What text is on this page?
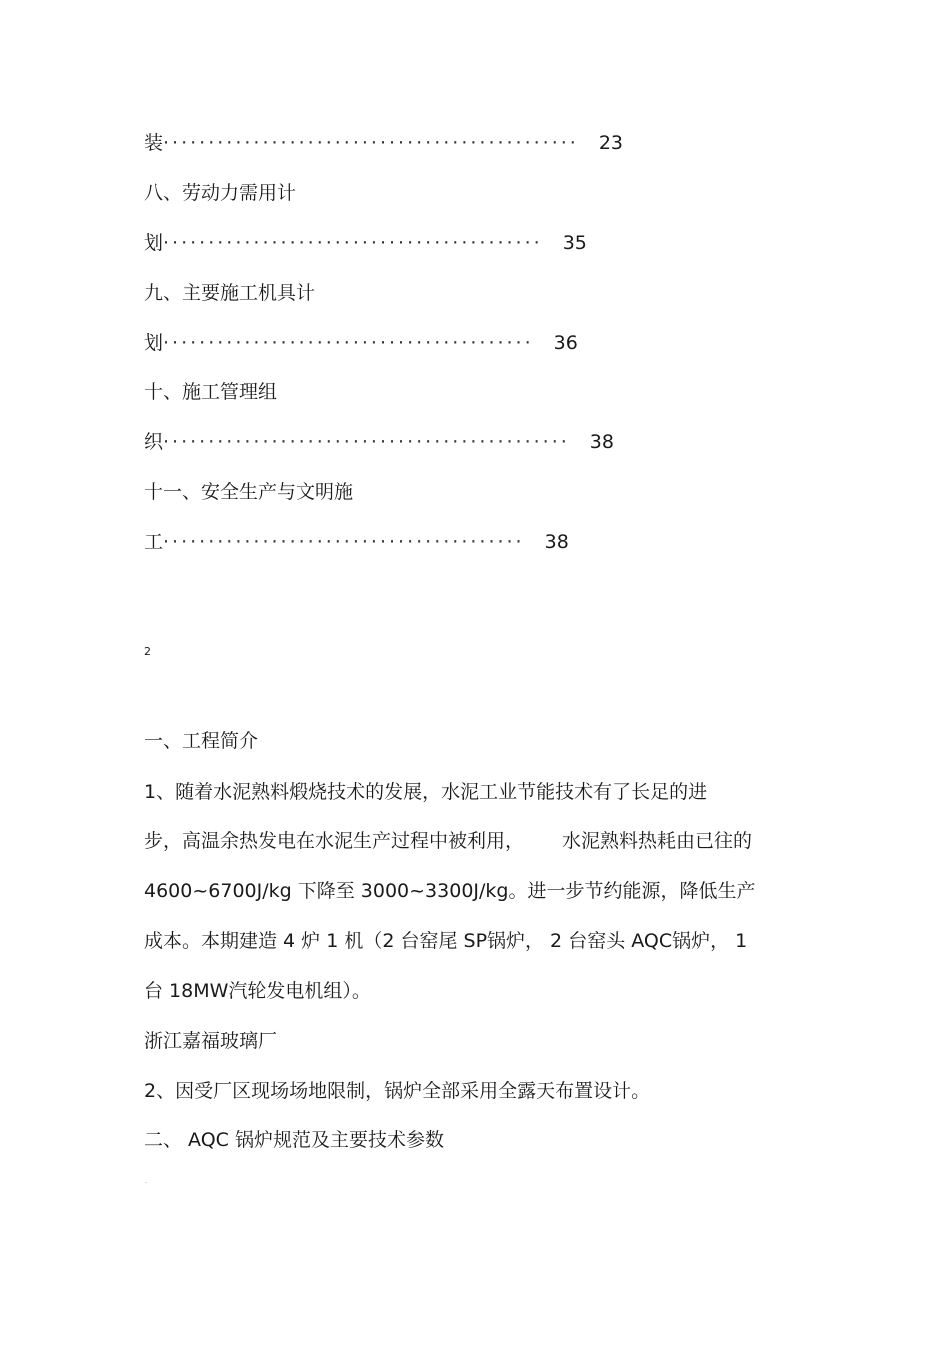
装 ·············································· 23
八、劳动力需用计
划 ·········································· 35
九、主要施工机具计
划 ········································· 36
十、施工管理组
织 ············································· 38
十一、安全生产与文明施
工 ········································ 38
2
一、工程简介
1、随着水泥熟料煅烧技术的发展，水泥工业节能技术有了长足的进
步，高温余热发电在水泥生产过程中被利用， 水泥熟料热耗由已往的
4600~6700J/kg 下降至 3000~3300J/kg。进一步节约能源，降低生产
成本。本期建造 4 炉 1 机（2 台窑尾 SP锅炉， 2 台窑头 AQC锅炉， 1
台 18MW汽轮发电机组）。
浙江嘉福玻璃厂
2、因受厂区现场场地限制，锅炉全部采用全露天布置设计。
二、 AQC 锅炉规范及主要技术参数
.
